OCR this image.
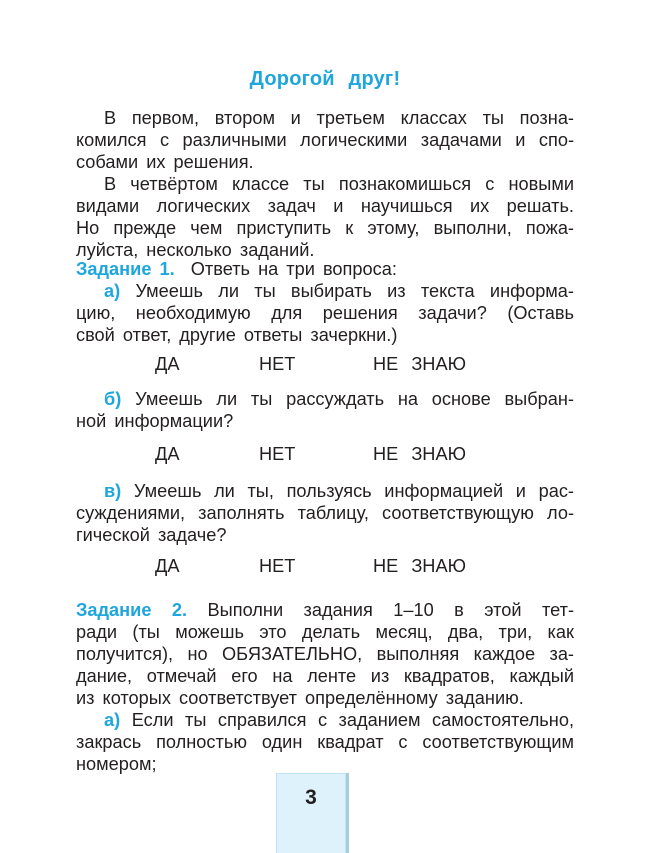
Дорогой друг!
В первом, втором и третьем классах ты позна-
комился с различными логическими задачами и спо-
собами их решения.
В четвёртом классе ты познакомишься с новыми
видами логических задач и научишься их решать.
Но прежде чем приступить к этому, выполни, пожа-
луйста, несколько заданий.
Задание 1. Ответь на три вопроса:
а) Умеешь ли ты выбирать из текста информа-
цию, необходимую для решения задачи? (Оставь
свой ответ, другие ответы зачеркни.)
ДА	НЕТ	НЕ ЗНАЮ
б) Умеешь ли ты рассуждать на основе выбран-
ной информации?
ДА	НЕТ	НЕ ЗНАЮ
в) Умеешь ли ты, пользуясь информацией и рас-
суждениями, заполнять таблицу, соответствующую ло-
гической задаче?
ДА	НЕТ	НЕ ЗНАЮ
Задание 2. Выполни задания 1–10 в этой тет-
ради (ты можешь это делать месяц, два, три, как
получится), но ОБЯЗАТЕЛЬНО, выполняя каждое за-
дание, отмечай его на ленте из квадратов, каждый
из которых соответствует определённому заданию.
а) Если ты справился с заданием самостоятельно,
закрась полностью один квадрат с соответствующим
номером;
3
